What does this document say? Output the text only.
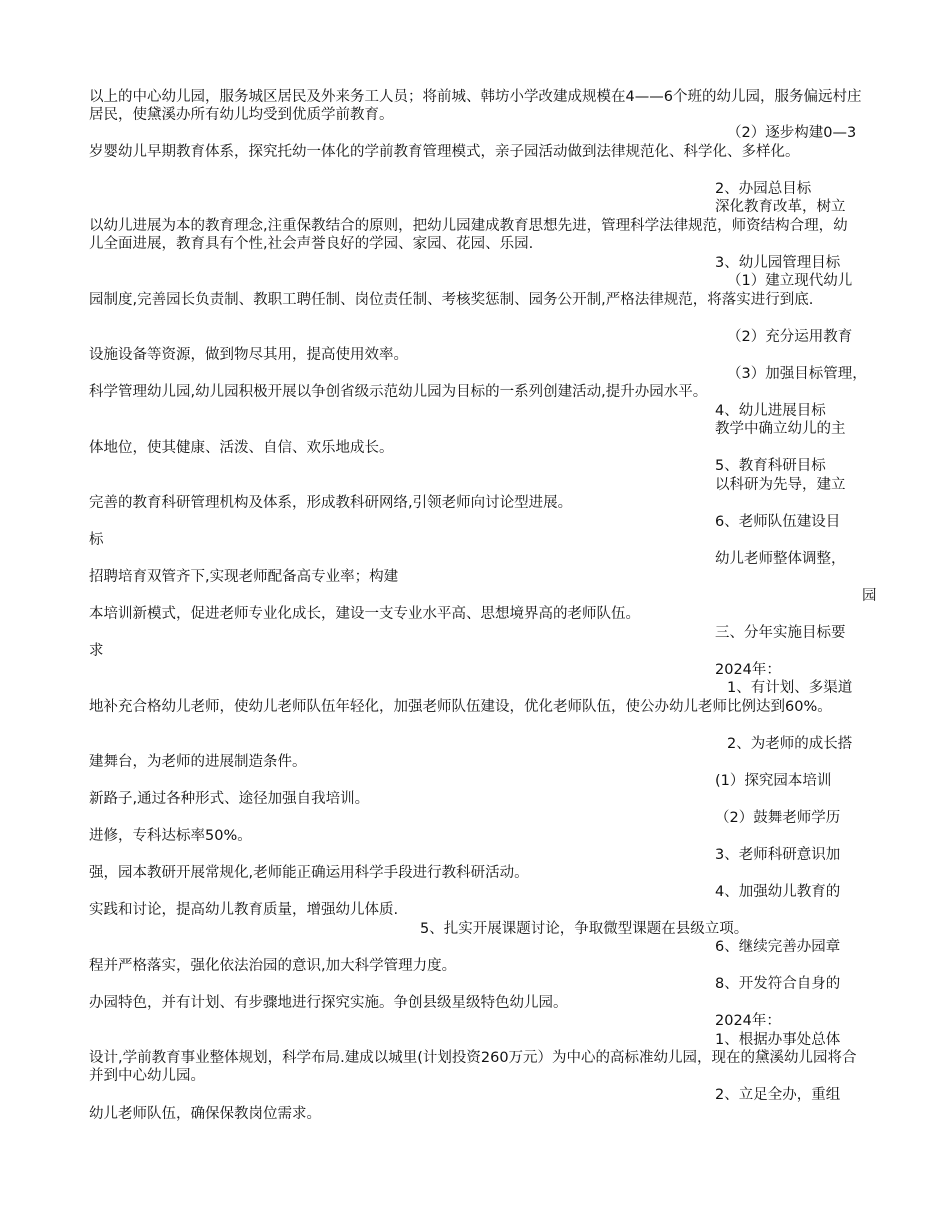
以上的中心幼儿园，服务城区居民及外来务工人员；将前城、韩坊小学改建成规模在4——6个班的幼儿园，服务偏远村庄居民，使黛溪办所有幼儿均受到优质学前教育。

（2）逐步构建0—3

岁婴幼儿早期教育体系，探究托幼一体化的学前教育管理模式，亲子园活动做到法律规范化、科学化、多样化。

2、办园总目标

深化教育改革，树立

以幼儿进展为本的教育理念,注重保教结合的原则，把幼儿园建成教育思想先进，管理科学法律规范，师资结构合理，幼儿全面进展，教育具有个性,社会声誉良好的学园、家园、花园、乐园.

3、幼儿园管理目标

（1）建立现代幼儿

园制度,完善园长负责制、教职工聘任制、岗位责任制、考核奖惩制、园务公开制,严格法律规范，将落实进行到底.

（2）充分运用教育

设施设备等资源，做到物尽其用，提高使用效率。

（3）加强目标管理，

科学管理幼儿园,幼儿园积极开展以争创省级示范幼儿园为目标的一系列创建活动,提升办园水平。

4、幼儿进展目标

教学中确立幼儿的主

体地位，使其健康、活泼、自信、欢乐地成长。

5、教育科研目标

以科研为先导，建立

完善的教育科研管理机构及体系，形成教科研网络,引领老师向讨论型进展。

6、老师队伍建设目

标

幼儿老师整体调整，

招聘培育双管齐下,实现老师配备高专业率；构建

园

本培训新模式，促进老师专业化成长，建设一支专业水平高、思想境界高的老师队伍。

三、分年实施目标要

求

2024年：

1、有计划、多渠道

地补充合格幼儿老师，使幼儿老师队伍年轻化，加强老师队伍建设，优化老师队伍，使公办幼儿老师比例达到60%。

2、为老师的成长搭

建舞台，为老师的进展制造条件。

(1）探究园本培训

新路子,通过各种形式、途径加强自我培训。

（2）鼓舞老师学历

进修，专科达标率50%。

3、老师科研意识加

强，园本教研开展常规化,老师能正确运用科学手段进行教科研活动。

4、加强幼儿教育的

实践和讨论，提高幼儿教育质量，增强幼儿体质.

5、扎实开展课题讨论，争取微型课题在县级立项。

6、继续完善办园章

程并严格落实，强化依法治园的意识,加大科学管理力度。

8、开发符合自身的

办园特色，并有计划、有步骤地进行探究实施。争创县级星级特色幼儿园。

2024年：

1、根据办事处总体

设计,学前教育事业整体规划，科学布局.建成以城里(计划投资260万元）为中心的高标准幼儿园，现在的黛溪幼儿园将合并到中心幼儿园。

2、立足全办，重组

幼儿老师队伍，确保保教岗位需求。
